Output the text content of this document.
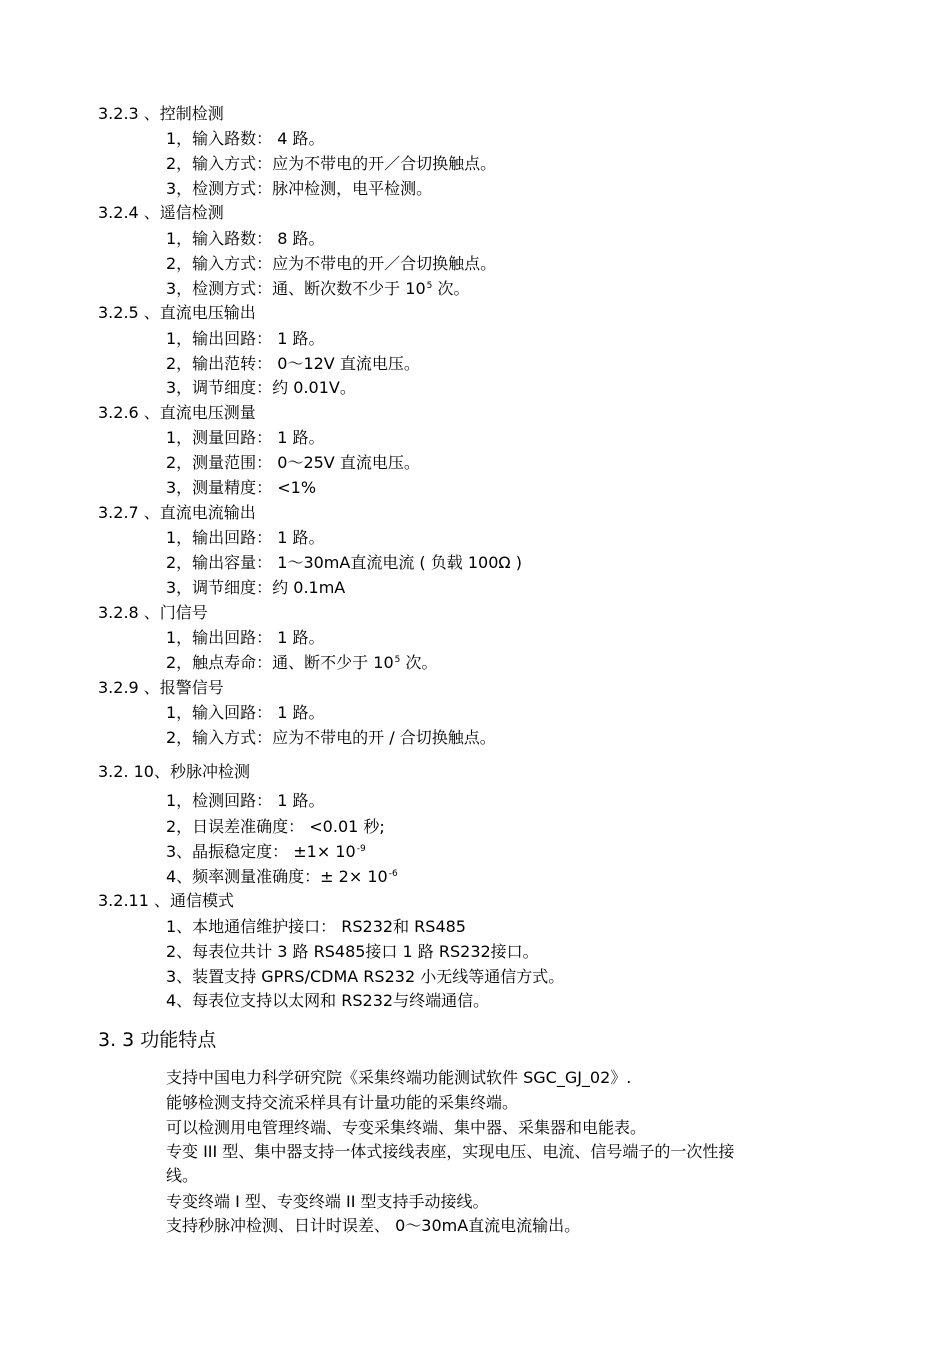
3.2.3 、控制检测
1，输入路数： 4 路。
2，输入方式：应为不带电的开／合切换触点。
3，检测方式：脉冲检测，电平检测。
3.2.4 、遥信检测
1，输入路数： 8 路。
2，输入方式：应为不带电的开／合切换触点。
3，检测方式：通、断次数不少于 $10^5$ 次。
3.2.5 、直流电压输出
1，输出回路： 1 路。
2，输出范转： 0～12V 直流电压。
3，调节细度：约 0.01V。
3.2.6 、直流电压测量
1，测量回路： 1 路。
2，测量范围： 0～25V 直流电压。
3，测量精度： <1%
3.2.7 、直流电流输出
1，输出回路： 1 路。
2，输出容量： 1～30mA直流电流 ( 负载 100Ω )
3，调节细度：约 0.1mA
3.2.8 、门信号
1，输出回路： 1 路。
2，触点寿命：通、断不少于 $10^5$ 次。
3.2.9 、报警信号
1，输入回路： 1 路。
2，输入方式：应为不带电的开 / 合切换触点。
3.2. 10、秒脉冲检测
1，检测回路： 1 路。
2，日误差准确度： <0.01 秒;
3、晶振稳定度： $\pm 1\times 10^{-9}$
4、频率测量准确度：± $2\times 10^{-6}$
3.2.11 、通信模式
1、本地通信维护接口： RS232和 RS485
2、每表位共计 3 路 RS485接口 1 路 RS232接口。
3、装置支持 GPRS/CDMA RS232 小无线等通信方式。
4、每表位支持以太网和 RS232与终端通信。
3. 3 功能特点
支持中国电力科学研究院《采集终端功能测试软件 SGC_GJ_02》.
能够检测支持交流采样具有计量功能的采集终端。
可以检测用电管理终端、专变采集终端、集中器、采集器和电能表。
专变 III 型、集中器支持一体式接线表座，实现电压、电流、信号端子的一次性接
线。
专变终端 I 型、专变终端 II 型支持手动接线。
支持秒脉冲检测、日计时误差、 0～30mA直流电流输出。
